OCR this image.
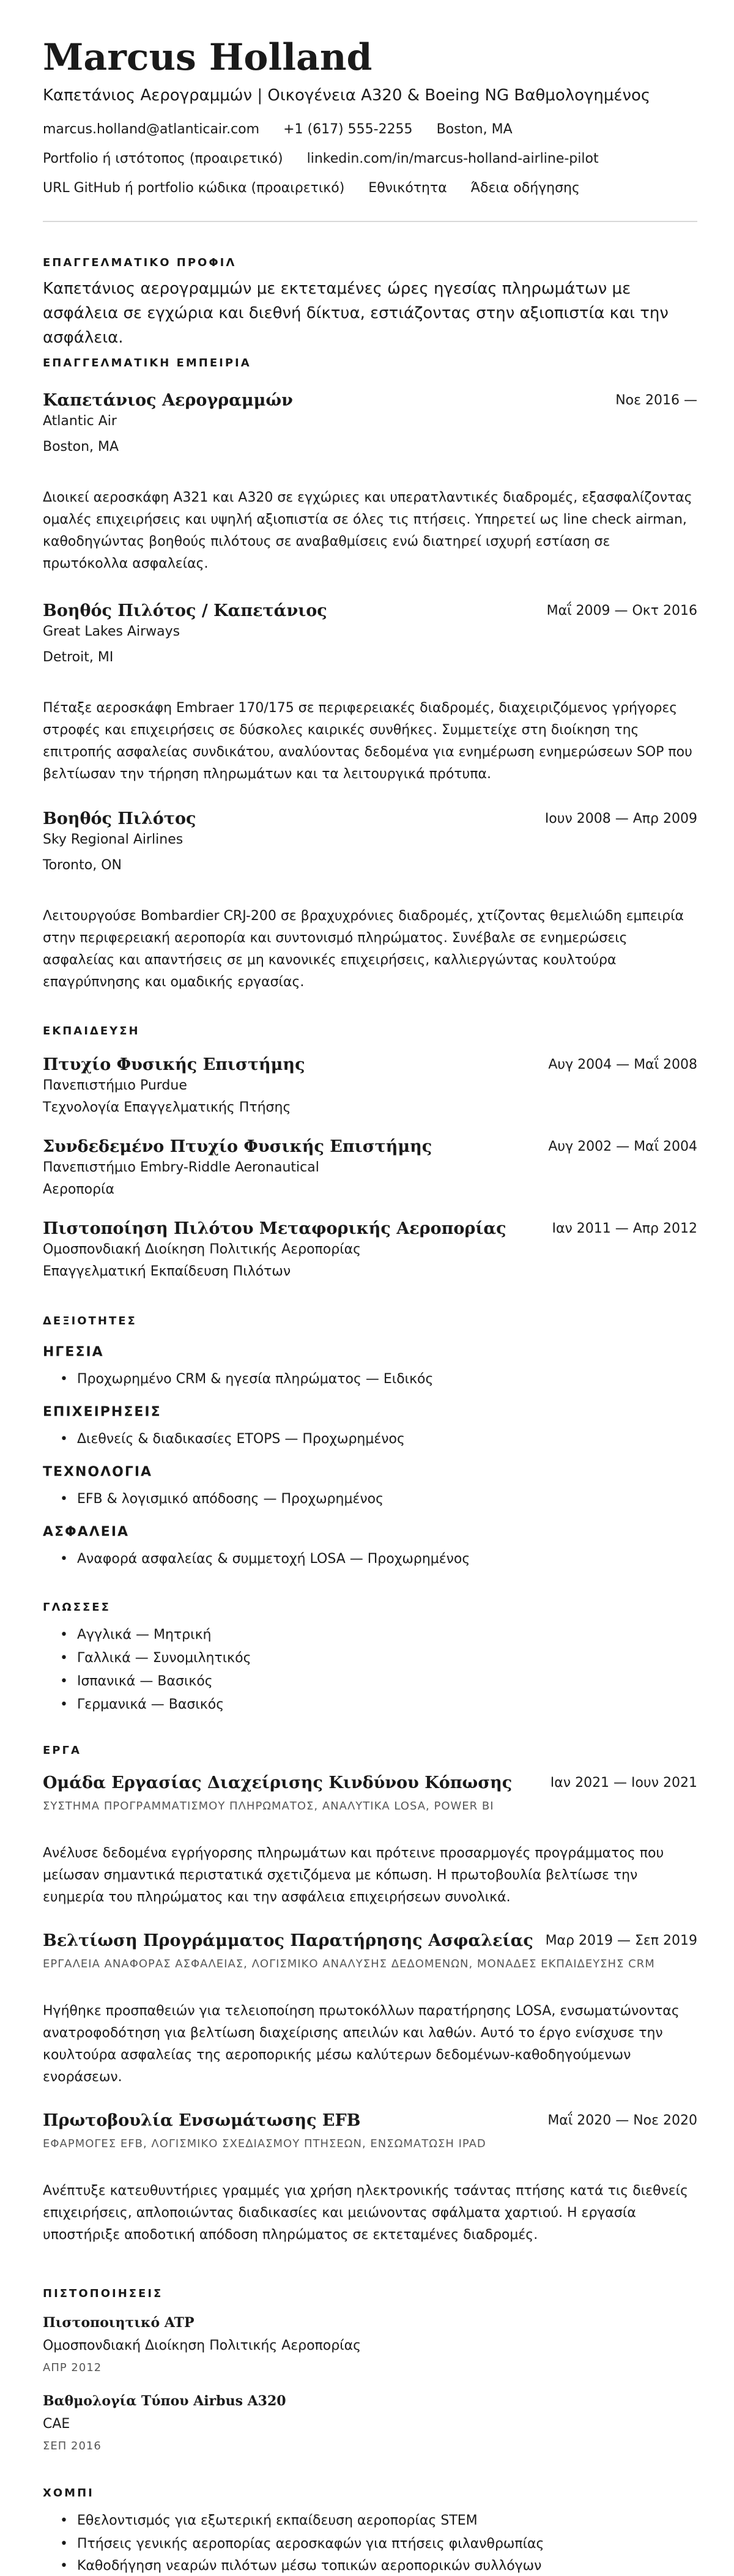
Marcus Holland
Καπετάνιος Αερογραμμών | Οικογένεια A320 & Boeing NG Βαθμολογημένος
marcus.holland@atlanticair.com +1 (617) 555-2255 Boston, MA
Portfolio ή ιστότοπος (προαιρετικό) linkedin.com/in/marcus-holland-airline-pilot
URL GitHub ή portfolio κώδικα (προαιρετικό) Εθνικότητα Άδεια οδήγησης
ΕΠΑΓΓΕΛΜΑΤΙΚΟ ΠΡΟΦΙΛ
Καπετάνιος αερογραμμών με εκτεταμένες ώρες ηγεσίας πληρωμάτων με ασφάλεια σε εγχώρια και διεθνή δίκτυα, εστιάζοντας στην αξιοπιστία και την ασφάλεια.
ΕΠΑΓΓΕΛΜΑΤΙΚΗ ΕΜΠΕΙΡΙΑ
Καπετάνιος Αερογραμμών	Νοε 2016 —
Atlantic Air
Boston, MA
Διοικεί αεροσκάφη A321 και A320 σε εγχώριες και υπερατλαντικές διαδρομές, εξασφαλίζοντας ομαλές επιχειρήσεις και υψηλή αξιοπιστία σε όλες τις πτήσεις. Υπηρετεί ως line check airman, καθοδηγώντας βοηθούς πιλότους σε αναβαθμίσεις ενώ διατηρεί ισχυρή εστίαση σε πρωτόκολλα ασφαλείας.
Βοηθός Πιλότος / Καπετάνιος	Μαΐ 2009 — Οκτ 2016
Great Lakes Airways
Detroit, MI
Πέταξε αεροσκάφη Embraer 170/175 σε περιφερειακές διαδρομές, διαχειριζόμενος γρήγορες στροφές και επιχειρήσεις σε δύσκολες καιρικές συνθήκες. Συμμετείχε στη διοίκηση της επιτροπής ασφαλείας συνδικάτου, αναλύοντας δεδομένα για ενημέρωση ενημερώσεων SOP που βελτίωσαν την τήρηση πληρωμάτων και τα λειτουργικά πρότυπα.
Βοηθός Πιλότος	Ιουν 2008 — Απρ 2009
Sky Regional Airlines
Toronto, ON
Λειτουργούσε Bombardier CRJ-200 σε βραχυχρόνιες διαδρομές, χτίζοντας θεμελιώδη εμπειρία στην περιφερειακή αεροπορία και συντονισμό πληρώματος. Συνέβαλε σε ενημερώσεις ασφαλείας και απαντήσεις σε μη κανονικές επιχειρήσεις, καλλιεργώντας κουλτούρα επαγρύπνησης και ομαδικής εργασίας.
ΕΚΠΑΙΔΕΥΣΗ
Πτυχίο Φυσικής Επιστήμης	Αυγ 2004 — Μαΐ 2008
Πανεπιστήμιο Purdue
Τεχνολογία Επαγγελματικής Πτήσης
Συνδεδεμένο Πτυχίο Φυσικής Επιστήμης	Αυγ 2002 — Μαΐ 2004
Πανεπιστήμιο Embry-Riddle Aeronautical
Αεροπορία
Πιστοποίηση Πιλότου Μεταφορικής Αεροπορίας	Ιαν 2011 — Απρ 2012
Ομοσπονδιακή Διοίκηση Πολιτικής Αεροπορίας
Επαγγελματική Εκπαίδευση Πιλότων
ΔΕΞΙΟΤΗΤΕΣ
ΗΓΕΣΙΑ
• Προχωρημένο CRM & ηγεσία πληρώματος — Ειδικός
ΕΠΙΧΕΙΡΗΣΕΙΣ
• Διεθνείς & διαδικασίες ETOPS — Προχωρημένος
ΤΕΧΝΟΛΟΓΙΑ
• EFB & λογισμικό απόδοσης — Προχωρημένος
ΑΣΦΑΛΕΙΑ
• Αναφορά ασφαλείας & συμμετοχή LOSA — Προχωρημένος
ΓΛΩΣΣΕΣ
• Αγγλικά — Μητρική
• Γαλλικά — Συνομιλητικός
• Ισπανικά — Βασικός
• Γερμανικά — Βασικός
ΕΡΓΑ
Ομάδα Εργασίας Διαχείρισης Κινδύνου Κόπωσης	Ιαν 2021 — Ιουν 2021
ΣΥΣΤΗΜΑ ΠΡΟΓΡΑΜΜΑΤΙΣΜΟΥ ΠΛΗΡΩΜΑΤΟΣ, ΑΝΑΛΥΤΙΚΑ LOSA, POWER BI
Ανέλυσε δεδομένα εγρήγορσης πληρωμάτων και πρότεινε προσαρμογές προγράμματος που μείωσαν σημαντικά περιστατικά σχετιζόμενα με κόπωση. Η πρωτοβουλία βελτίωσε την ευημερία του πληρώματος και την ασφάλεια επιχειρήσεων συνολικά.
Βελτίωση Προγράμματος Παρατήρησης Ασφαλείας Μαρ 2019 — Σεπ 2019
ΕΡΓΑΛΕΙΑ ΑΝΑΦΟΡΑΣ ΑΣΦΑΛΕΙΑΣ, ΛΟΓΙΣΜΙΚΟ ΑΝΑΛΥΣΗΣ ΔΕΔΟΜΕΝΩΝ, ΜΟΝΑΔΕΣ ΕΚΠΑΙΔΕΥΣΗΣ CRM
Ηγήθηκε προσπαθειών για τελειοποίηση πρωτοκόλλων παρατήρησης LOSA, ενσωματώνοντας ανατροφοδότηση για βελτίωση διαχείρισης απειλών και λαθών. Αυτό το έργο ενίσχυσε την κουλτούρα ασφαλείας της αεροπορικής μέσω καλύτερων δεδομένων-καθοδηγούμενων ενοράσεων.
Πρωτοβουλία Ενσωμάτωσης EFB	Μαΐ 2020 — Νοε 2020
ΕΦΑΡΜΟΓΕΣ EFB, ΛΟΓΙΣΜΙΚΟ ΣΧΕΔΙΑΣΜΟΥ ΠΤΗΣΕΩΝ, ΕΝΣΩΜΑΤΩΣΗ IPAD
Ανέπτυξε κατευθυντήριες γραμμές για χρήση ηλεκτρονικής τσάντας πτήσης κατά τις διεθνείς επιχειρήσεις, απλοποιώντας διαδικασίες και μειώνοντας σφάλματα χαρτιού. Η εργασία υποστήριξε αποδοτική απόδοση πληρώματος σε εκτεταμένες διαδρομές.
ΠΙΣΤΟΠΟΙΗΣΕΙΣ
Πιστοποιητικό ATP
Ομοσπονδιακή Διοίκηση Πολιτικής Αεροπορίας
ΑΠΡ 2012
Βαθμολογία Τύπου Airbus A320
CAE
ΣΕΠ 2016
ΧΟΜΠΙ
• Εθελοντισμός για εξωτερική εκπαίδευση αεροπορίας STEM
• Πτήσεις γενικής αεροπορίας αεροσκαφών για πτήσεις φιλανθρωπίας
• Καθοδήγηση νεαρών πιλότων μέσω τοπικών αεροπορικών συλλόγων
